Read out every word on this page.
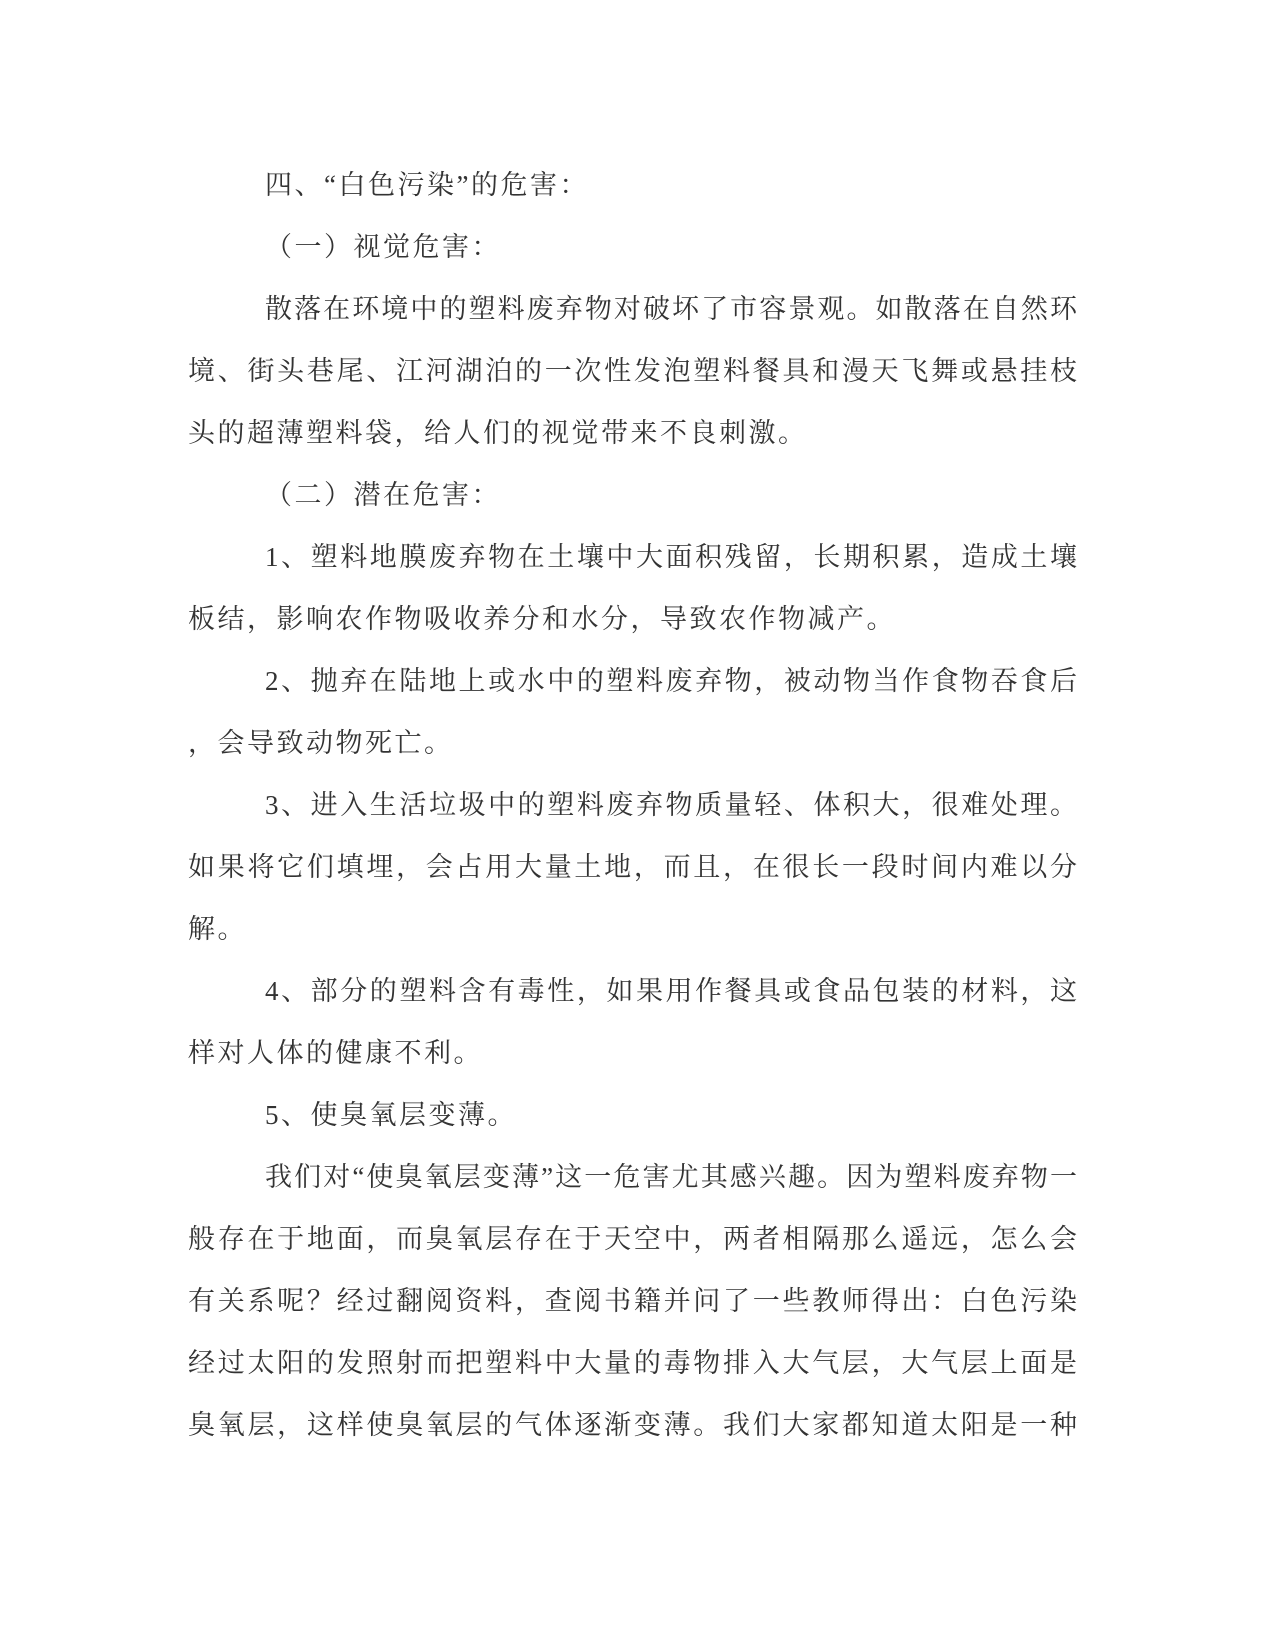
四、“白色污染”的危害：
（一）视觉危害：
散落在环境中的塑料废弃物对破坏了市容景观。如散落在自然环
境、街头巷尾、江河湖泊的一次性发泡塑料餐具和漫天飞舞或悬挂枝
头的超薄塑料袋，给人们的视觉带来不良刺激。
（二）潜在危害：
1、塑料地膜废弃物在土壤中大面积残留，长期积累，造成土壤
板结，影响农作物吸收养分和水分，导致农作物减产。
2、抛弃在陆地上或水中的塑料废弃物，被动物当作食物吞食后
，会导致动物死亡。
3、进入生活垃圾中的塑料废弃物质量轻、体积大，很难处理。
如果将它们填埋，会占用大量土地，而且，在很长一段时间内难以分
解。
4、部分的塑料含有毒性，如果用作餐具或食品包装的材料，这
样对人体的健康不利。
5、使臭氧层变薄。
我们对“使臭氧层变薄”这一危害尤其感兴趣。因为塑料废弃物一
般存在于地面，而臭氧层存在于天空中，两者相隔那么遥远，怎么会
有关系呢？经过翻阅资料，查阅书籍并问了一些教师得出：白色污染
经过太阳的发照射而把塑料中大量的毒物排入大气层，大气层上面是
臭氧层，这样使臭氧层的气体逐渐变薄。我们大家都知道太阳是一种
